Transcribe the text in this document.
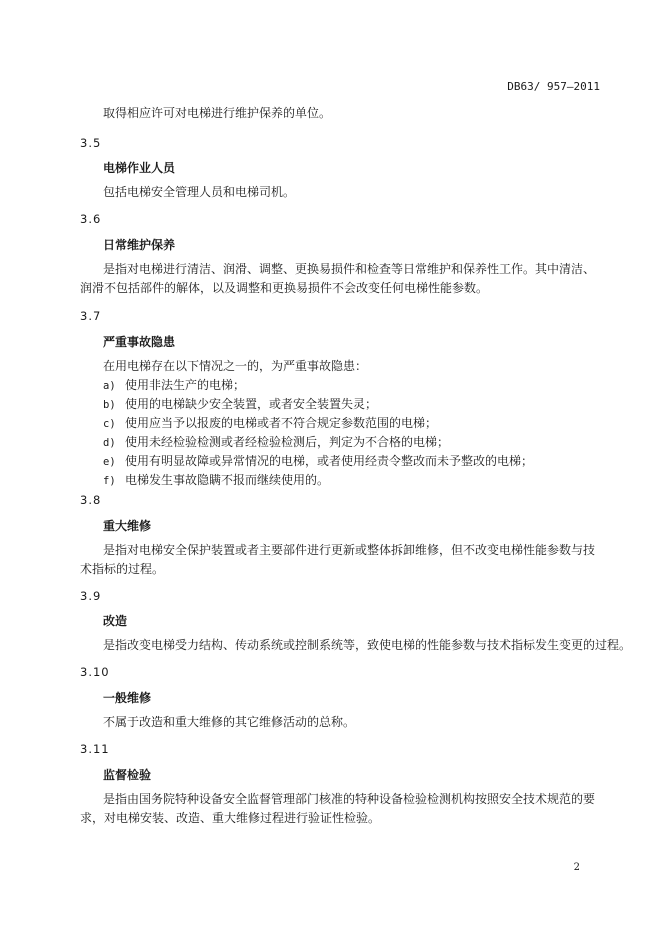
DB63/ 957—2011
取得相应许可对电梯进行维护保养的单位。
3.5
电梯作业人员
包括电梯安全管理人员和电梯司机。
3.6
日常维护保养
是指对电梯进行清洁、润滑、调整、更换易损件和检查等日常维护和保养性工作。其中清洁、润滑不包括部件的解体，以及调整和更换易损件不会改变任何电梯性能参数。
3.7
严重事故隐患
在用电梯存在以下情况之一的，为严重事故隐患：
a) 使用非法生产的电梯；
b) 使用的电梯缺少安全装置，或者安全装置失灵；
c) 使用应当予以报废的电梯或者不符合规定参数范围的电梯；
d) 使用未经检验检测或者经检验检测后，判定为不合格的电梯；
e) 使用有明显故障或异常情况的电梯，或者使用经责令整改而未予整改的电梯；
f) 电梯发生事故隐瞒不报而继续使用的。
3.8
重大维修
是指对电梯安全保护装置或者主要部件进行更新或整体拆卸维修，但不改变电梯性能参数与技术指标的过程。
3.9
改造
是指改变电梯受力结构、传动系统或控制系统等，致使电梯的性能参数与技术指标发生变更的过程。
3.10
一般维修
不属于改造和重大维修的其它维修活动的总称。
3.11
监督检验
是指由国务院特种设备安全监督管理部门核准的特种设备检验检测机构按照安全技术规范的要求，对电梯安装、改造、重大维修过程进行验证性检验。
2
